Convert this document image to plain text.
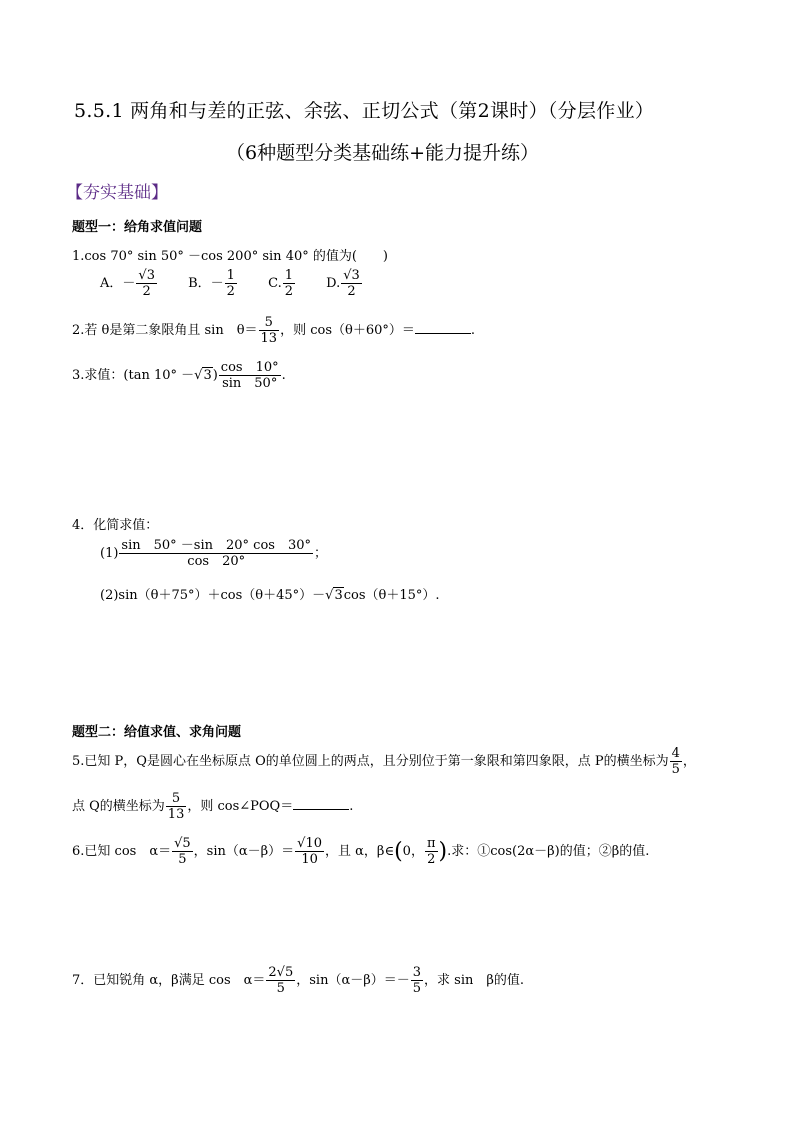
5.5.1 两角和与差的正弦、余弦、正切公式（第2课时）（分层作业）
（6种题型分类基础练+能力提升练）
【夯实基础】
题型一：给角求值问题
1.cos 70° sin 50° －cos 200° sin 40° 的值为(　　)
A．－ $\frac{√3}{2}$ B．－ $\frac{1}{2} C$. $\frac{1}{2} D$. $\frac{√3}{2}$
2.若 θ是第二象限角且 sin　$\theta= \frac{5}{13}$ ，则 cos（θ＋60°）＝	.
3.求值：(tan $10^\circ -√3) \frac{\cos 10^\circ}{\sin 50^\circ}$ .
4．化简求值：
$(1) \frac{\sin 50^\circ -\sin 20^\circ \cos 30^\circ}{\cos 20^\circ}$ ；
(2)sin（θ＋75°）＋cos（θ＋45°）－√3cos（θ＋15°）.
题型二：给值求值、求角问题
5.已知 P，Q是圆心在坐标原点 O的单位圆上的两点，且分别位于第一象限和第四象限，点 P的横坐标为 $\frac{4}{5}$ ，
点 Q的横坐标为 $\frac{5}{13}$ ，则 cos∠POQ＝	.
6.已知 cos　$\alpha= \frac{√5}{5}$ ，$\sin(\alpha-\beta)= \frac{√10}{10}$ ，且 α，β∈(0， $\frac{\pi}{2}$ ).求：①cos(2α－β)的值；②β的值.
7．已知锐角 α，β满足 cos　$\alpha= \frac{2√5}{5}$ ，$\sin(\alpha-\beta)=- \frac{3}{5}$ ，求 sin　β的值.
